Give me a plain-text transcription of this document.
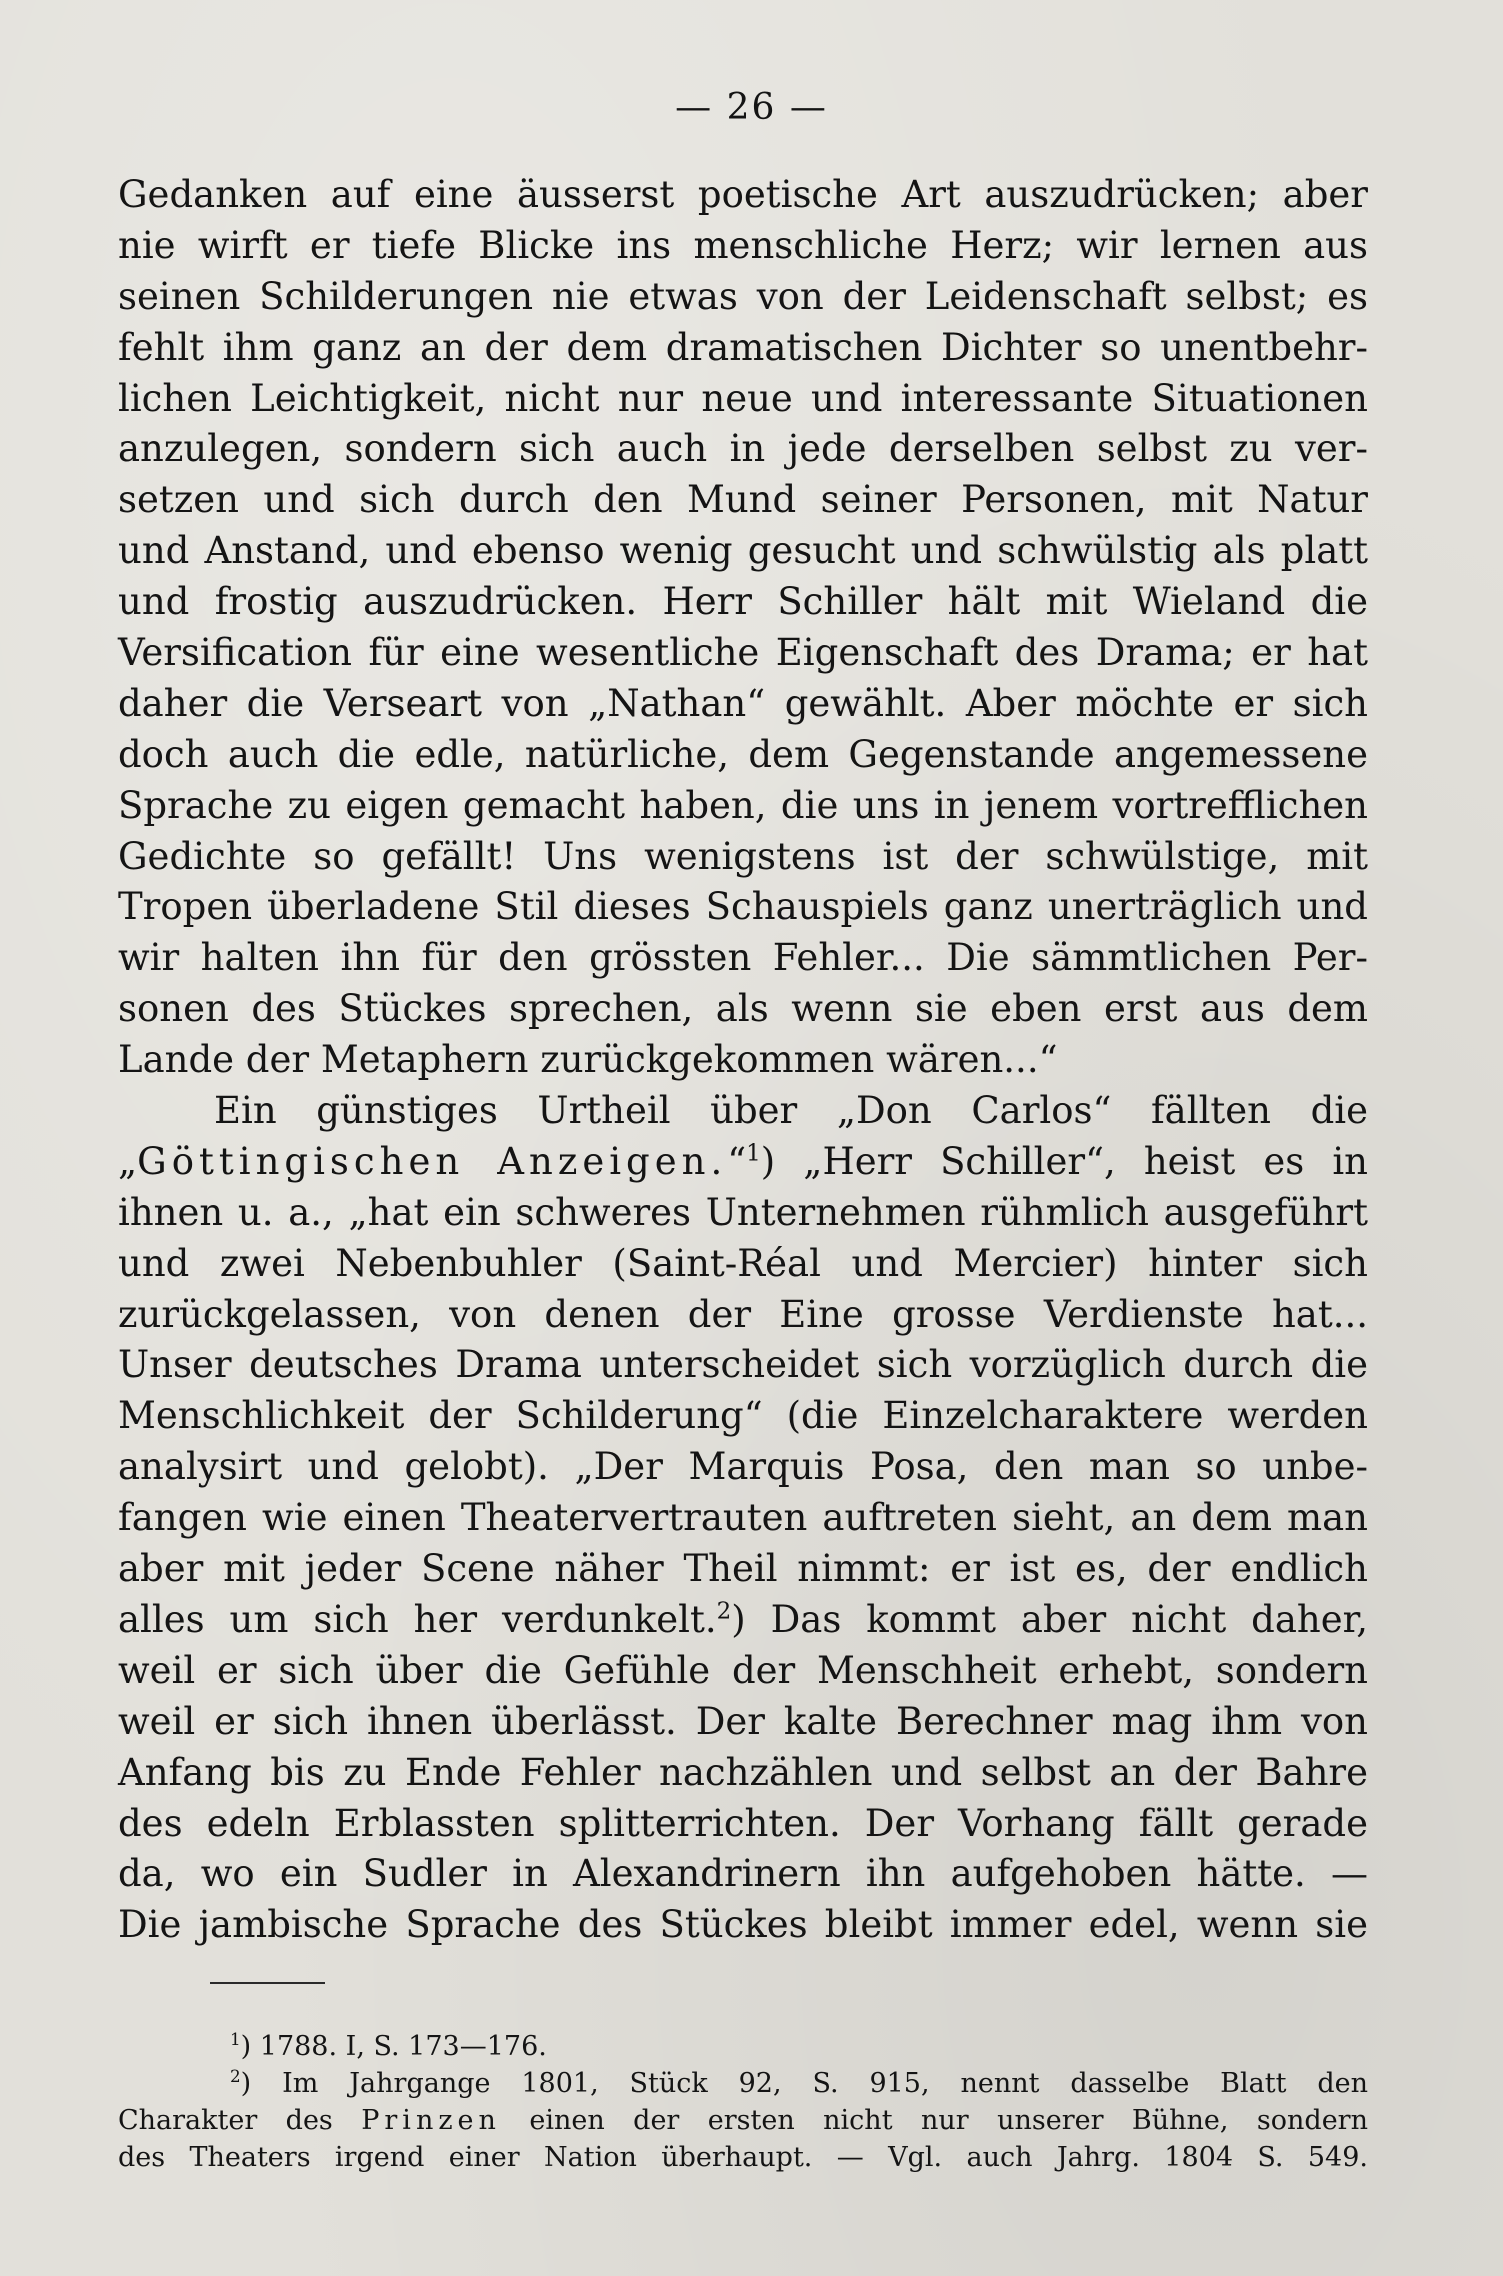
— 26 —
Gedanken auf eine äusserst poetische Art auszudrücken; aber
nie wirft er tiefe Blicke ins menschliche Herz; wir lernen aus
seinen Schilderungen nie etwas von der Leidenschaft selbst; es
fehlt ihm ganz an der dem dramatischen Dichter so unentbehr-
lichen Leichtigkeit, nicht nur neue und interessante Situationen
anzulegen, sondern sich auch in jede derselben selbst zu ver-
setzen und sich durch den Mund seiner Personen, mit Natur
und Anstand, und ebenso wenig gesucht und schwülstig als platt
und frostig auszudrücken. Herr Schiller hält mit Wieland die
Versification für eine wesentliche Eigenschaft des Drama; er hat
daher die Verseart von „Nathan“ gewählt. Aber möchte er sich
doch auch die edle, natürliche, dem Gegenstande angemessene
Sprache zu eigen gemacht haben, die uns in jenem vortrefflichen
Gedichte so gefällt! Uns wenigstens ist der schwülstige, mit
Tropen überladene Stil dieses Schauspiels ganz unerträglich und
wir halten ihn für den grössten Fehler... Die sämmtlichen Per-
sonen des Stückes sprechen, als wenn sie eben erst aus dem
Lande der Metaphern zurückgekommen wären...“
Ein günstiges Urtheil über „Don Carlos“ fällten die
„Göttingischen Anzeigen.“$^1$) „Herr Schiller“, heist es in
ihnen u. a., „hat ein schweres Unternehmen rühmlich ausgeführt
und zwei Nebenbuhler (Saint-Réal und Mercier) hinter sich
zurückgelassen, von denen der Eine grosse Verdienste hat...
Unser deutsches Drama unterscheidet sich vorzüglich durch die
Menschlichkeit der Schilderung“ (die Einzelcharaktere werden
analysirt und gelobt). „Der Marquis Posa, den man so unbe-
fangen wie einen Theatervertrauten auftreten sieht, an dem man
aber mit jeder Scene näher Theil nimmt: er ist es, der endlich
alles um sich her verdunkelt.$^2$) Das kommt aber nicht daher,
weil er sich über die Gefühle der Menschheit erhebt, sondern
weil er sich ihnen überlässt. Der kalte Berechner mag ihm von
Anfang bis zu Ende Fehler nachzählen und selbst an der Bahre
des edeln Erblassten splitterrichten. Der Vorhang fällt gerade
da, wo ein Sudler in Alexandrinern ihn aufgehoben hätte. —
Die jambische Sprache des Stückes bleibt immer edel, wenn sie
$^1$) 1788. I, S. 173—176.
$^2$) Im Jahrgange 1801, Stück 92, S. 915, nennt dasselbe Blatt den
Charakter des Prinzen einen der ersten nicht nur unserer Bühne, sondern
des Theaters irgend einer Nation überhaupt. — Vgl. auch Jahrg. 1804 S. 549.
